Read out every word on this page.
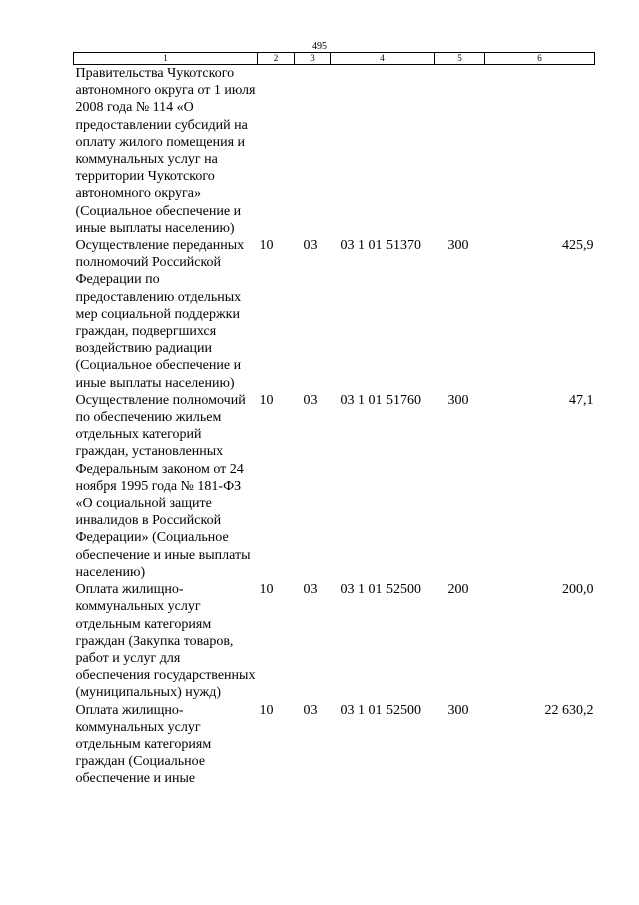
495
1	2	3	4	5	6
Правительства Чукотского автономного округа от 1 июля 2008 года № 114 «О предоставлении субсидий на оплату жилого помещения и коммунальных услуг на территории Чукотского автономного округа» (Социальное обеспечение и иные выплаты населению)					
Осуществление переданных полномочий Российской Федерации по предоставлению отдельных мер социальной поддержки граждан, подвергшихся воздействию радиации (Социальное обеспечение и иные выплаты населению)	10	03	03 1 01 51370	300	425,9
Осуществление полномочий по обеспечению жильем отдельных категорий граждан, установленных Федеральным законом от 24 ноября 1995 года № 181-ФЗ «О социальной защите инвалидов в Российской Федерации» (Социальное обеспечение и иные выплаты населению)	10	03	03 1 01 51760	300	47,1
Оплата жилищно-коммунальных услуг отдельным категориям граждан (Закупка товаров, работ и услуг для обеспечения государственных (муниципальных) нужд)	10	03	03 1 01 52500	200	200,0
Оплата жилищно-коммунальных услуг отдельным категориям граждан (Социальное обеспечение и иные	10	03	03 1 01 52500	300	22 630,2
